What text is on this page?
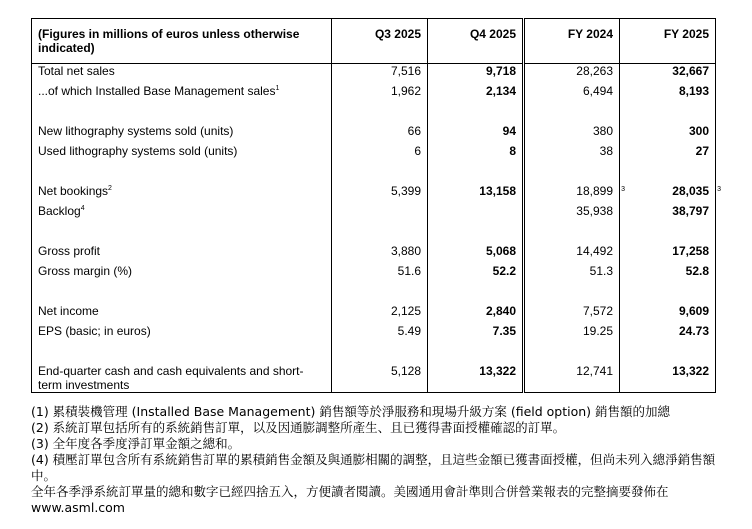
(Figures in millions of euros unless otherwise indicated)	Q3 2025	Q4 2025	FY 2024	FY 2025
Total net sales	7,516	9,718	28,263	32,667
...of which Installed Base Management sales$^1$	1,962	2,134	6,494	8,193

New lithography systems sold (units)	66	94	380	300
Used lithography systems sold (units)	6	8	38	27

Net bookings$^2$	5,399	13,158	18,899 3	28,035 3

Backlog$^4$			35,938	38,797

Gross profit	3,880	5,068	14,492	17,258
Gross margin (%)	51.6	52.2	51.3	52.8

Net income	2,125	2,840	7,572	9,609
EPS (basic; in euros)	5.49	7.35	19.25	24.73

End-quarter cash and cash equivalents and short-term investments	5,128	13,322	12,741	13,322
(1) 累積裝機管理 (Installed Base Management) 銷售額等於淨服務和現場升級方案 (field option) 銷售額的加總
(2) 系統訂單包括所有的系統銷售訂單，以及因通膨調整所產生、且已獲得書面授權確認的訂單。
(3) 全年度各季度淨訂單金額之總和。
(4) 積壓訂單包含所有系統銷售訂單的累積銷售金額及與通膨相關的調整，且這些金額已獲書面授權，但尚未列入總淨銷售額中。
全年各季淨系統訂單量的總和數字已經四捨五入，方便讀者閱讀。美國通用會計準則合併營業報表的完整摘要發佈在
www.asml.com
